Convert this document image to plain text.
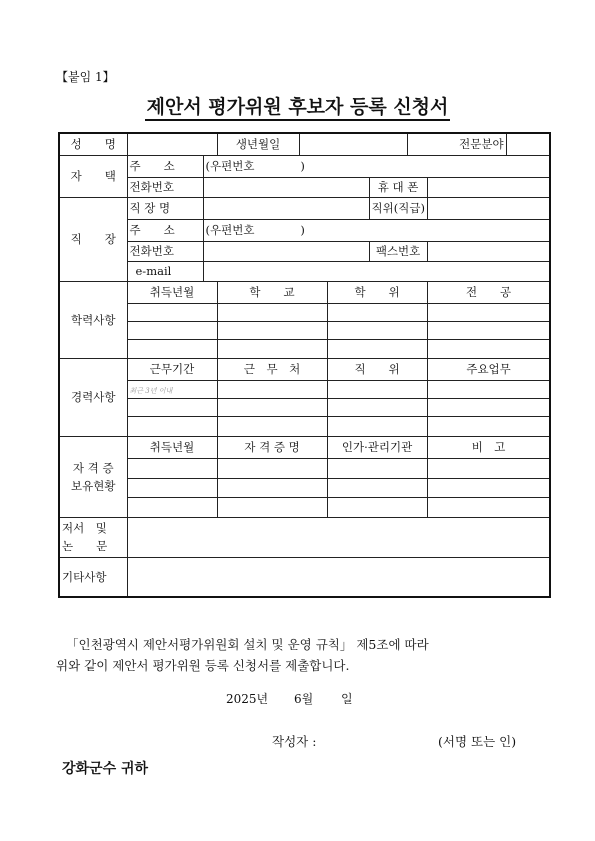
【붙임 1】
제안서 평가위원 후보자 등록 신청서
성　　명			생년월일				전문분야		
자　　택	주　　소	(우편번호　　　　)							
	전화번호					휴 대 폰			
직　　장	직 장 명					직위(직급)			
	주　　소	(우편번호　　　　)							
	전화번호					팩스번호			
	e-mail								
학력사항	취득년월		학　　교		학　　위			전　　공	

경력사항	근무기간		근　무　처		직　　위			주요업무	
	최근 3년 이내								

자 격 증
보유현황	취득년월		자 격 증 명		인가·관리기관			비　고	

저서　및
논　　문									

기타사항									
「인천광역시 제안서평가위원회 설치 및 운영 규칙」 제5조에 따라
위와 같이 제안서 평가위원 등록 신청서를 제출합니다.
2025년 6월 일
작성자 :	(서명 또는 인)
강화군수 귀하
